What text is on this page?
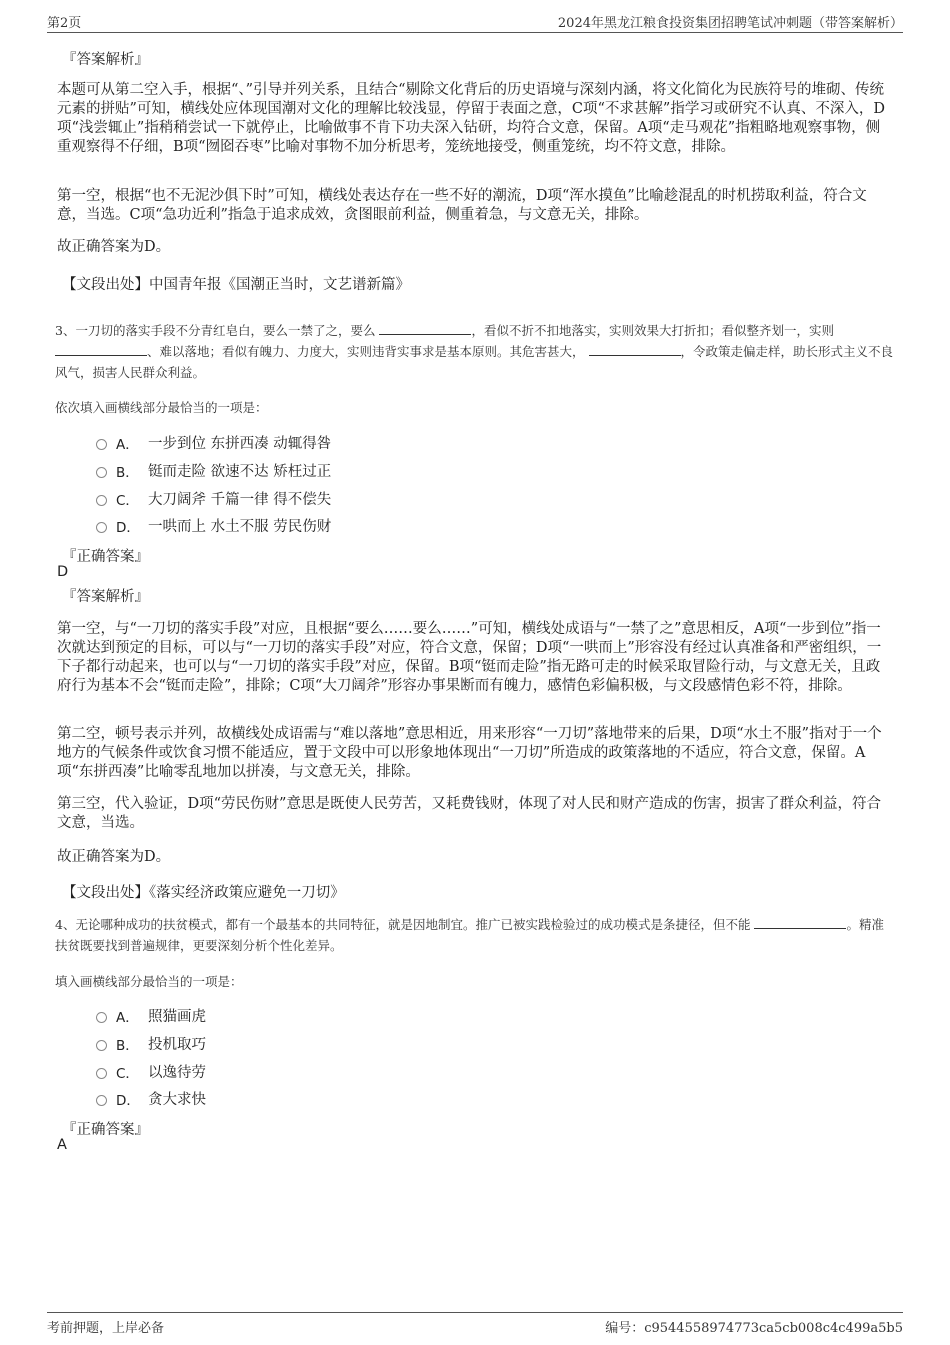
第2页	2024年黑龙江粮食投资集团招聘笔试冲刺题（带答案解析）
『答案解析』
本题可从第二空入手，根据“、”引导并列关系，且结合“剔除文化背后的历史语境与深刻内涵，将文化简化为民族符号的堆砌、传统元素的拼贴”可知，横线处应体现国潮对文化的理解比较浅显，停留于表面之意，C项“不求甚解”指学习或研究不认真、不深入，D项“浅尝辄止”指稍稍尝试一下就停止，比喻做事不肯下功夫深入钻研，均符合文意，保留。A项“走马观花”指粗略地观察事物，侧重观察得不仔细，B项“囫囵吞枣”比喻对事物不加分析思考，笼统地接受，侧重笼统，均不符文意，排除。
第一空，根据“也不无泥沙俱下时”可知，横线处表达存在一些不好的潮流，D项“浑水摸鱼”比喻趁混乱的时机捞取利益，符合文意，当选。C项“急功近利”指急于追求成效，贪图眼前利益，侧重着急，与文意无关，排除。
故正确答案为D。
【文段出处】中国青年报《国潮正当时，文艺谱新篇》
3、一刀切的落实手段不分青红皂白，要么一禁了之，要么	，看似不折不扣地落实，实则效果大打折扣；看似整齐划一，实则 、难以落地；看似有魄力、力度大，实则违背实事求是基本原则。其危害甚大，	，令政策走偏走样，助长形式主义不良风气，损害人民群众利益。
依次填入画横线部分最恰当的一项是：
A． 一步到位 东拼西凑 动辄得咎
B． 铤而走险 欲速不达 矫枉过正
C． 大刀阔斧 千篇一律 得不偿失
D． 一哄而上 水土不服 劳民伤财
『正确答案』
D
『答案解析』
第一空，与“一刀切的落实手段”对应，且根据“要么……要么……”可知，横线处成语与“一禁了之”意思相反，A项“一步到位”指一次就达到预定的目标，可以与“一刀切的落实手段”对应，符合文意，保留；D项“一哄而上”形容没有经过认真准备和严密组织，一下子都行动起来，也可以与“一刀切的落实手段”对应，保留。B项“铤而走险”指无路可走的时候采取冒险行动，与文意无关，且政府行为基本不会“铤而走险”，排除；C项“大刀阔斧”形容办事果断而有魄力，感情色彩偏积极，与文段感情色彩不符，排除。
第二空，顿号表示并列，故横线处成语需与“难以落地”意思相近，用来形容“一刀切”落地带来的后果，D项“水土不服”指对于一个地方的气候条件或饮食习惯不能适应，置于文段中可以形象地体现出“一刀切”所造成的政策落地的不适应，符合文意，保留。A项“东拼西凑”比喻零乱地加以拼凑，与文意无关，排除。
第三空，代入验证，D项“劳民伤财”意思是既使人民劳苦，又耗费钱财，体现了对人民和财产造成的伤害，损害了群众利益，符合文意，当选。
故正确答案为D。
【文段出处】《落实经济政策应避免一刀切》
4、无论哪种成功的扶贫模式，都有一个最基本的共同特征，就是因地制宜。推广已被实践检验过的成功模式是条捷径，但不能	。精准扶贫既要找到普遍规律，更要深刻分析个性化差异。
填入画横线部分最恰当的一项是：
A． 照猫画虎
B． 投机取巧
C． 以逸待劳
D． 贪大求快
『正确答案』
A
考前押题，上岸必备	编号：c9544558974773ca5cb008c4c499a5b5
